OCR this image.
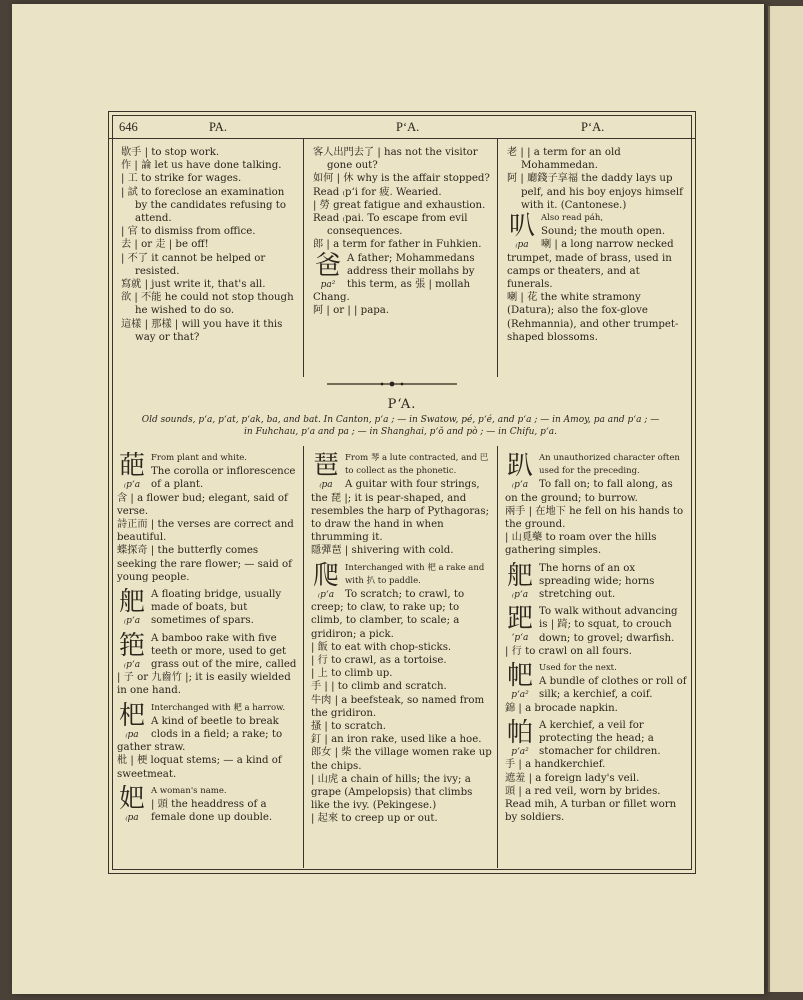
646	PA.	P‘A.	P‘A.

歇手 | to stop work.

作 | 論 let us have done talking.

| 工 to strike for wages.

| 試 to foreclose an examination by the candidates refusing to attend.

| 官 to dismiss from office.

去 | or 走 | be off!

| 不了 it cannot be helped or resisted.

寫就 | just write it, that's all.

欲 | 不能 he could not stop though he wished to do so.

這樣 | 那樣 | will you have it this way or that?

客人出門去了 | has not the visitor gone out?

如何 | 休 why is the affair stopped?

Read ₍p‘i for 疲. Wearied.

| 勞 great fatigue and exhaustion.

Read ₍pai. To escape from evil consequences.

郎 | a term for father in Fuhkien.

爸
pa²

A father; Mohammedans address their mollahs by this term, as 張 | mollah Chang.

阿 | or | | papa.

老 | | a term for an old Mohammedan.

阿 | 廳錢子享福 the daddy lays up pelf, and his boy enjoys himself with it. (Cantonese.)

叭
₍pa

Also read páh,

Sound; the mouth open.

喇 | a long narrow necked trumpet, made of brass, used in camps or theaters, and at funerals.

喇 | 花 the white stramony (Datura); also the fox-glove (Rehmannia), and other trumpet-shaped blossoms.

P‘A.
Old sounds, p‘a, p‘at, p‘ak, ba, and bat. In Canton, p‘a ; — in Swatow, pé, p‘é, and p‘a ; — in Amoy, pa and p‘a ; —
in Fuhchau, p‘a and pa ; — in Shanghai, p‘ŏ and pò ; — in Chifu, p‘a.
葩
₍p‘a

From plant and white.

The corolla or inflorescence of a plant.

含 | a flower bud; elegant, said of verse.

詩正而 | the verses are correct and beautiful.

蝶探奇 | the butterfly comes seeking the rare flower; — said of young people.

舥
₍p‘a

A floating bridge, usually made of boats, but sometimes of spars.

筢
₍p‘a

A bamboo rake with five teeth or more, used to get grass out of the mire, called | 子 or 九齒竹 |; it is easily wielded in one hand.

杷
₍pa

Interchanged with 耙 a harrow.

A kind of beetle to break clods in a field; a rake; to gather straw.

枇 | 梗 loquat stems; — a kind of sweetmeat.

妑
₍pa

A woman's name.

| 頭 the headdress of a female done up double.

琶
₍pa

From 琴 a lute contracted, and 巴 to collect as the phonetic.

A guitar with four strings, the 琵 |; it is pear-shaped, and resembles the harp of Pythagoras; to draw the hand in when thrumming it.

隱彈琶 | shivering with cold.

爬
₍p‘a

Interchanged with 杷 a rake and with 扒 to paddle.

To scratch; to crawl, to creep; to claw, to rake up; to climb, to clamber, to scale; a gridiron; a pick.

| 飯 to eat with chop-sticks.

| 行 to crawl, as a tortoise.

| 上 to climb up.

手 | | to climb and scratch.

牛肉 | a beefsteak, so named from the gridiron.

搔 | to scratch.

釘 | an iron rake, used like a hoe.

郎女 | 柴 the village women rake up the chips.

| 山虎 a chain of hills; the ivy; a grape (Ampelopsis) that climbs like the ivy. (Pekingese.)

| 起來 to creep up or out.

趴
₍p‘a

An unauthorized character often used for the preceding.

To fall on; to fall along, as on the ground; to burrow.

兩手 | 在地下 he fell on his hands to the ground.

| 山覓藥 to roam over the hills gathering simples.

舥
₍p‘a

The horns of an ox spreading wide; horns stretching out.

跁
‘p‘a

To walk without advancing is | 踦; to squat, to crouch down; to grovel; dwarfish.

| 行 to crawl on all fours.

帊
p‘a²

Used for the next.

A bundle of clothes or roll of silk; a kerchief, a coif.

錦 | a brocade napkin.

帕
p‘a²

A kerchief, a veil for protecting the head; a stomacher for children.

手 | a handkerchief.

遮羞 | a foreign lady's veil.

頭 | a red veil, worn by brides.

Read mih, A turban or fillet worn by soldiers.
